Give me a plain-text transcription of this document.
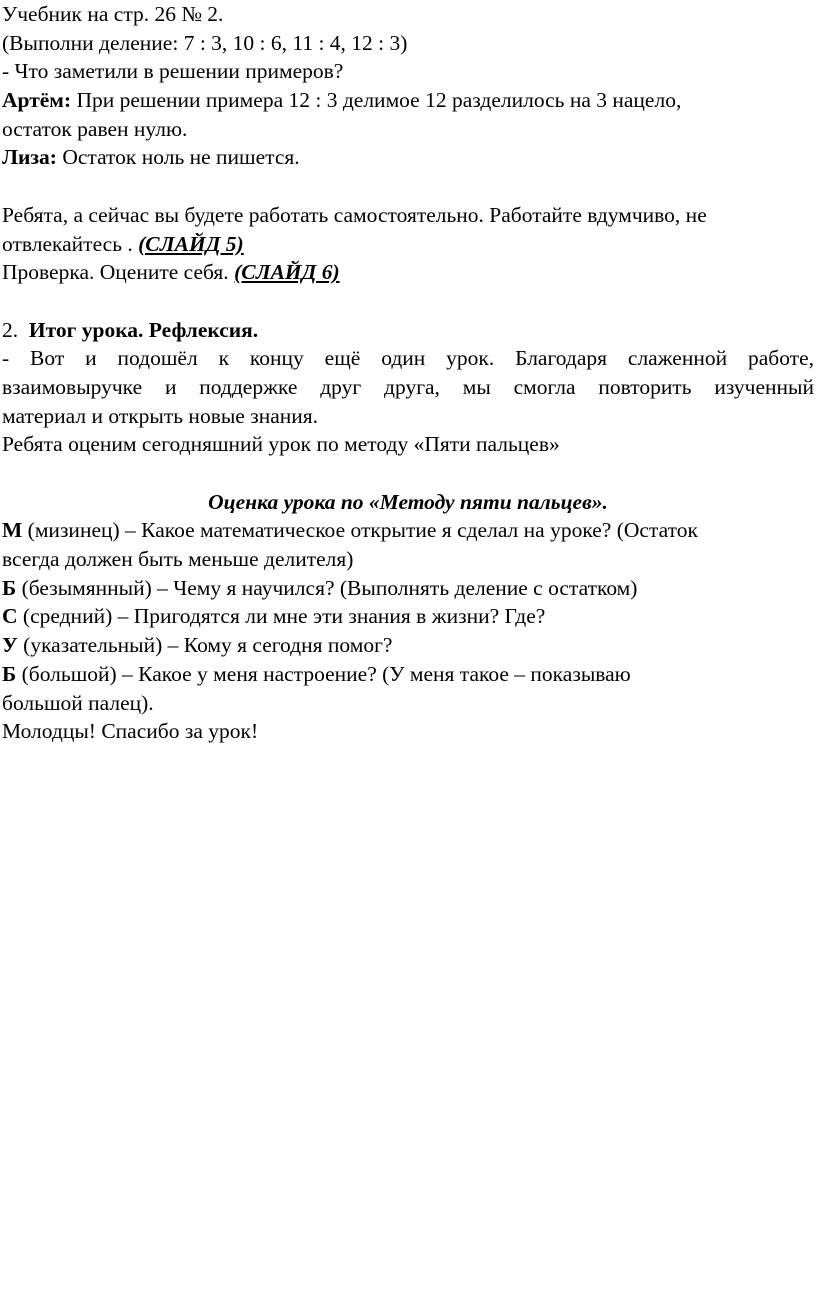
Учебник на стр. 26 № 2.
(Выполни деление: 7 : 3, 10 : 6, 11 : 4, 12 : 3)
- Что заметили в решении примеров?
Артём: При решении примера 12 : 3 делимое 12 разделилось на 3 нацело,
остаток равен нулю.
Лиза: Остаток ноль не пишется.
Ребята, а сейчас вы будете работать самостоятельно. Работайте вдумчиво, не
отвлекайтесь . (СЛАЙД 5)
Проверка. Оцените себя. (СЛАЙД 6)
2. Итог урока. Рефлексия.
- Вот и подошёл к концу ещё один урок. Благодаря слаженной работе,
взаимовыручке и поддержке друг друга, мы смогла повторить изученный
материал и открыть новые знания.
Ребята оценим сегодняшний урок по методу «Пяти пальцев»
Оценка урока по «Методу пяти пальцев».
М (мизинец) – Какое математическое открытие я сделал на уроке? (Остаток
всегда должен быть меньше делителя)
Б (безымянный) – Чему я научился? (Выполнять деление с остатком)
С (средний) – Пригодятся ли мне эти знания в жизни? Где?
У (указательный) – Кому я сегодня помог?
Б (большой) – Какое у меня настроение? (У меня такое – показываю
большой палец).
Молодцы! Спасибо за урок!
